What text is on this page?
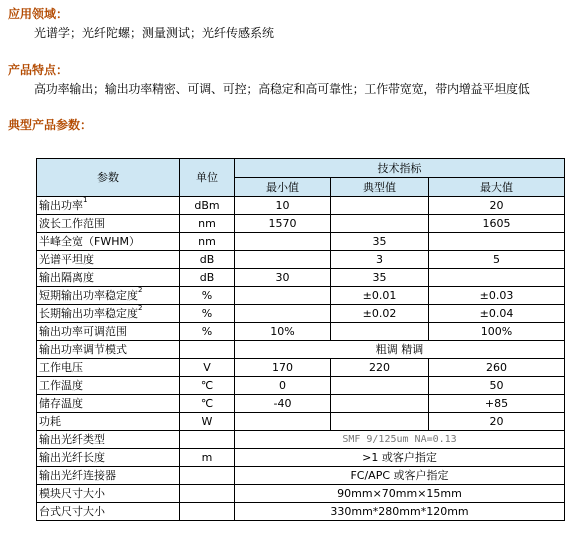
应用领域：
光谱学；光纤陀螺；测量测试；光纤传感系统
产品特点：
高功率输出；输出功率精密、可调、可控；高稳定和高可靠性；工作带宽宽，带内增益平坦度低
典型产品参数：
参数	单位	技术指标		
		最小值	典型值	最大值
输出功率$^1$	dBm	10		20
波长工作范围	nm	1570		1605
半峰全宽（FWHM）	nm		35	
光谱平坦度	dB		3	5
输出隔离度	dB	30	35	
短期输出功率稳定度$^2$	%		±0.01	±0.03
长期输出功率稳定度$^2$	%		±0.02	±0.04
输出功率可调范围	%	10%		100%
输出功率调节模式		粗调 精调		
工作电压	V	170	220	260
工作温度	℃	0		50
储存温度	℃	-40		+85
功耗	W			20
输出光纤类型		SMF 9/125um NA=0.13		
输出光纤长度	m	>1 或客户指定		
输出光纤连接器		FC/APC 或客户指定		
模块尺寸大小		90mm×70mm×15mm		
台式尺寸大小		330mm*280mm*120mm		
